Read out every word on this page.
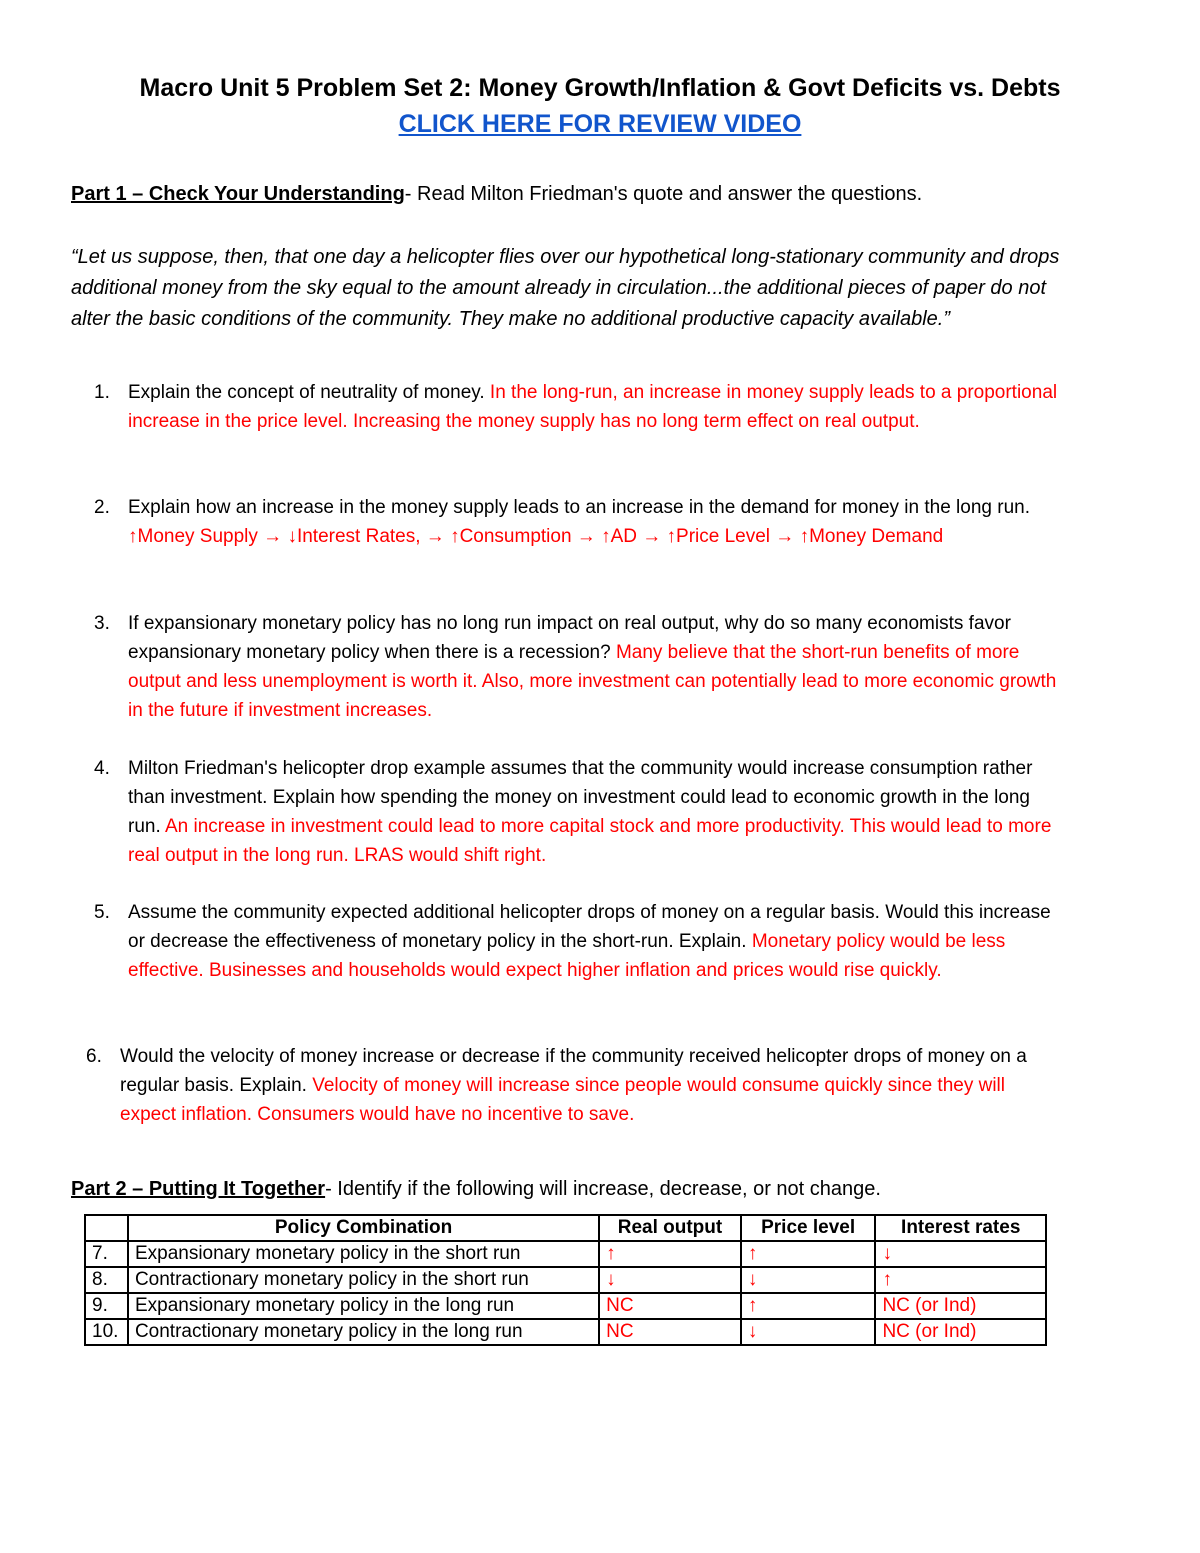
Macro Unit 5 Problem Set 2: Money Growth/Inflation & Govt Deficits vs. Debts
CLICK HERE FOR REVIEW VIDEO
Part 1 – Check Your Understanding- Read Milton Friedman's quote and answer the questions.
“Let us suppose, then, that one day a helicopter flies over our hypothetical long-stationary community and drops additional money from the sky equal to the amount already in circulation...the additional pieces of paper do not alter the basic conditions of the community. They make no additional productive capacity available.”
1. Explain the concept of neutrality of money. In the long-run, an increase in money supply leads to a proportional increase in the price level. Increasing the money supply has no long term effect on real output.
2. Explain how an increase in the money supply leads to an increase in the demand for money in the long run. ↑Money Supply → ↓Interest Rates, → ↑Consumption → ↑AD → ↑Price Level → ↑Money Demand
3. If expansionary monetary policy has no long run impact on real output, why do so many economists favor expansionary monetary policy when there is a recession? Many believe that the short-run benefits of more output and less unemployment is worth it. Also, more investment can potentially lead to more economic growth in the future if investment increases.
4. Milton Friedman's helicopter drop example assumes that the community would increase consumption rather than investment. Explain how spending the money on investment could lead to economic growth in the long run. An increase in investment could lead to more capital stock and more productivity. This would lead to more real output in the long run. LRAS would shift right.
5. Assume the community expected additional helicopter drops of money on a regular basis. Would this increase or decrease the effectiveness of monetary policy in the short-run. Explain. Monetary policy would be less effective. Businesses and households would expect higher inflation and prices would rise quickly.
6. Would the velocity of money increase or decrease if the community received helicopter drops of money on a regular basis. Explain. Velocity of money will increase since people would consume quickly since they will expect inflation. Consumers would have no incentive to save.
Part 2 – Putting It Together- Identify if the following will increase, decrease, or not change.
	Policy Combination	Real output	Price level	Interest rates
7.	Expansionary monetary policy in the short run	↑	↑	↓
8.	Contractionary monetary policy in the short run	↓	↓	↑
9.	Expansionary monetary policy in the long run	NC	↑	NC (or Ind)
10.	Contractionary monetary policy in the long run	NC	↓	NC (or Ind)
